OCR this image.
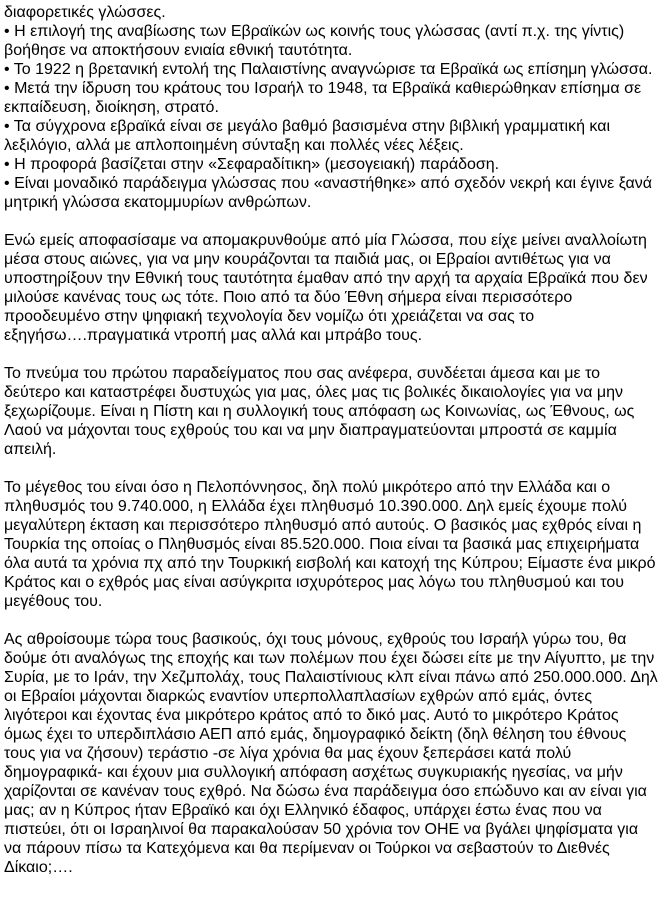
διαφορετικές γλώσσες.

• Η επιλογή της αναβίωσης των Εβραϊκών ως κοινής τους γλώσσας (αντί π.χ. της γίντις) βοήθησε να αποκτήσουν ενιαία εθνική ταυτότητα.

• Το 1922 η βρετανική εντολή της Παλαιστίνης αναγνώρισε τα Εβραϊκά ως επίσημη γλώσσα.

• Μετά την ίδρυση του κράτους του Ισραήλ το 1948, τα Εβραϊκά καθιερώθηκαν επίσημα σε εκπαίδευση, διοίκηση, στρατό.

• Τα σύγχρονα εβραϊκά είναι σε μεγάλο βαθμό βασισμένα στην βιβλική γραμματική και λεξιλόγιο, αλλά με απλοποιημένη σύνταξη και πολλές νέες λέξεις.

• Η προφορά βασίζεται στην «Σεφαραδίτικη» (μεσογειακή) παράδοση.

• Είναι μοναδικό παράδειγμα γλώσσας που «αναστήθηκε» από σχεδόν νεκρή και έγινε ξανά μητρική γλώσσα εκατομμυρίων ανθρώπων.

Ενώ εμείς αποφασίσαμε να απομακρυνθούμε από μία Γλώσσα, που είχε μείνει αναλλοίωτη μέσα στους αιώνες, για να μην κουράζονται τα παιδιά μας, οι Εβραίοι αντιθέτως για να υποστηρίξουν την Εθνική τους ταυτότητα έμαθαν από την αρχή τα αρχαία Εβραϊκά που δεν μιλούσε κανένας τους ως τότε. Ποιο από τα δύο Έθνη σήμερα είναι περισσότερο προοδευμένο στην ψηφιακή τεχνολογία δεν νομίζω ότι χρειάζεται να σας το εξηγήσω….πραγματικά ντροπή μας αλλά και μπράβο τους.

Το πνεύμα του πρώτου παραδείγματος που σας ανέφερα, συνδέεται άμεσα και με το δεύτερο και καταστρέφει δυστυχώς για μας, όλες μας τις βολικές δικαιολογίες για να μην ξεχωρίζουμε. Είναι η Πίστη και η συλλογική τους απόφαση ως Κοινωνίας, ως Έθνους, ως Λαού να μάχονται τους εχθρούς του και να μην διαπραγματεύονται μπροστά σε καμμία απειλή.

Το μέγεθος του είναι όσο η Πελοπόννησος, δηλ πολύ μικρότερο από την Ελλάδα και ο πληθυσμός του 9.740.000, η Ελλάδα έχει πληθυσμό 10.390.000. Δηλ εμείς έχουμε πολύ μεγαλύτερη έκταση και περισσότερο πληθυσμό από αυτούς. Ο βασικός μας εχθρός είναι η Τουρκία της οποίας ο Πληθυσμός είναι 85.520.000. Ποια είναι τα βασικά μας επιχειρήματα όλα αυτά τα χρόνια πχ από την Τουρκική εισβολή και κατοχή της Κύπρου; Είμαστε ένα μικρό Κράτος και ο εχθρός μας είναι ασύγκριτα ισχυρότερος μας λόγω του πληθυσμού και του μεγέθους του.

Ας αθροίσουμε τώρα τους βασικούς, όχι τους μόνους, εχθρούς του Ισραήλ γύρω του, θα δούμε ότι αναλόγως της εποχής και των πολέμων που έχει δώσει είτε με την Αίγυπτο, με την Συρία, με το Ιράν, την Χεζμπολάχ, τους Παλαιστίνιους κλπ είναι πάνω από 250.000.000. Δηλ οι Εβραίοι μάχονται διαρκώς εναντίον υπερπολλαπλασίων εχθρών από εμάς, όντες λιγότεροι και έχοντας ένα μικρότερο κράτος από το δικό μας. Αυτό το μικρότερο Κράτος όμως έχει το υπερδιπλάσιο ΑΕΠ από εμάς, δημογραφικό δείκτη (δηλ θέληση του έθνους τους για να ζήσουν) τεράστιο -σε λίγα χρόνια θα μας έχουν ξεπεράσει κατά πολύ δημογραφικά- και έχουν μια συλλογική απόφαση ασχέτως συγκυριακής ηγεσίας, να μήν χαρίζονται σε κανέναν τους εχθρό. Να δώσω ένα παράδειγμα όσο επώδυνο και αν είναι για μας; αν η Κύπρος ήταν Εβραϊκό και όχι Ελληνικό έδαφος, υπάρχει έστω ένας που να πιστεύει, ότι οι Ισραηλινοί θα παρακαλούσαν 50 χρόνια τον ΟΗΕ να βγάλει ψηφίσματα για να πάρουν πίσω τα Κατεχόμενα και θα περίμεναν οι Τούρκοι να σεβαστούν το Διεθνές Δίκαιο;….
